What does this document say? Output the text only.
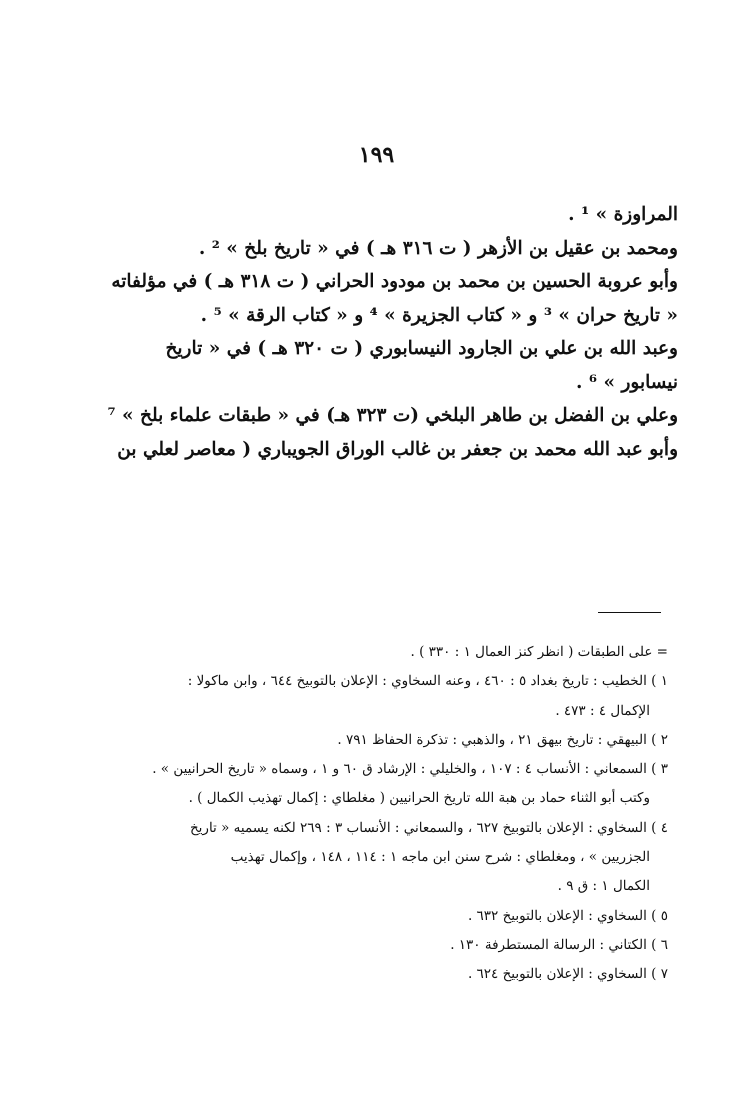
١٩٩
المراوزة » ¹ .
ومحمد بن عقيل بن الأزهر ( ت ٣١٦ هـ ) في « تاريخ بلخ » ² .
وأبو عروبة الحسين بن محمد بن مودود الحراني ( ت ٣١٨ هـ ) في مؤلفاته
« تاريخ حران » ³ و « كتاب الجزيرة » ⁴ و « كتاب الرقة » ⁵ .
وعبد الله بن علي بن الجارود النيسابوري ( ت ٣٢٠ هـ ) في « تاريخ
نيسابور » ⁶ .
وعلي بن الفضل بن طاهر البلخي (ت ٣٢٣ هـ) في « طبقات علماء بلخ » ⁷
وأبو عبد الله محمد بن جعفر بن غالب الوراق الجويباري ( معاصر لعلي بن
= على الطبقات ( انظر كنز العمال ١ : ٣٣٠ ) .
١ ) الخطيب : تاريخ بغداد ٥ : ٤٦٠ ، وعنه السخاوي : الإعلان بالتوبيخ ٦٤٤ ، وابن ماكولا :
الإكمال ٤ : ٤٧٣ .
٢ ) البيهقي : تاريخ بيهق ٢١ ، والذهبي : تذكرة الحفاظ ٧٩١ .
٣ ) السمعاني : الأنساب ٤ : ١٠٧ ، والخليلي : الإرشاد ق ٦٠ و ١ ، وسماه « تاريخ الحرانيين » .
وكتب أبو الثناء حماد بن هبة الله تاريخ الحرانيين ( مغلطاي : إكمال تهذيب الكمال ) .
٤ ) السخاوي : الإعلان بالتوبيخ ٦٢٧ ، والسمعاني : الأنساب ٣ : ٢٦٩ لكنه يسميه « تاريخ
الجزريين » ، ومغلطاي : شرح سنن ابن ماجه ١ : ١١٤ ، ١٤٨ ، وإكمال تهذيب
الكمال ١ : ق ٩ .
٥ ) السخاوي : الإعلان بالتوبيخ ٦٣٢ .
٦ ) الكتاني : الرسالة المستطرفة ١٣٠ .
٧ ) السخاوي : الإعلان بالتوبيخ ٦٢٤ .
